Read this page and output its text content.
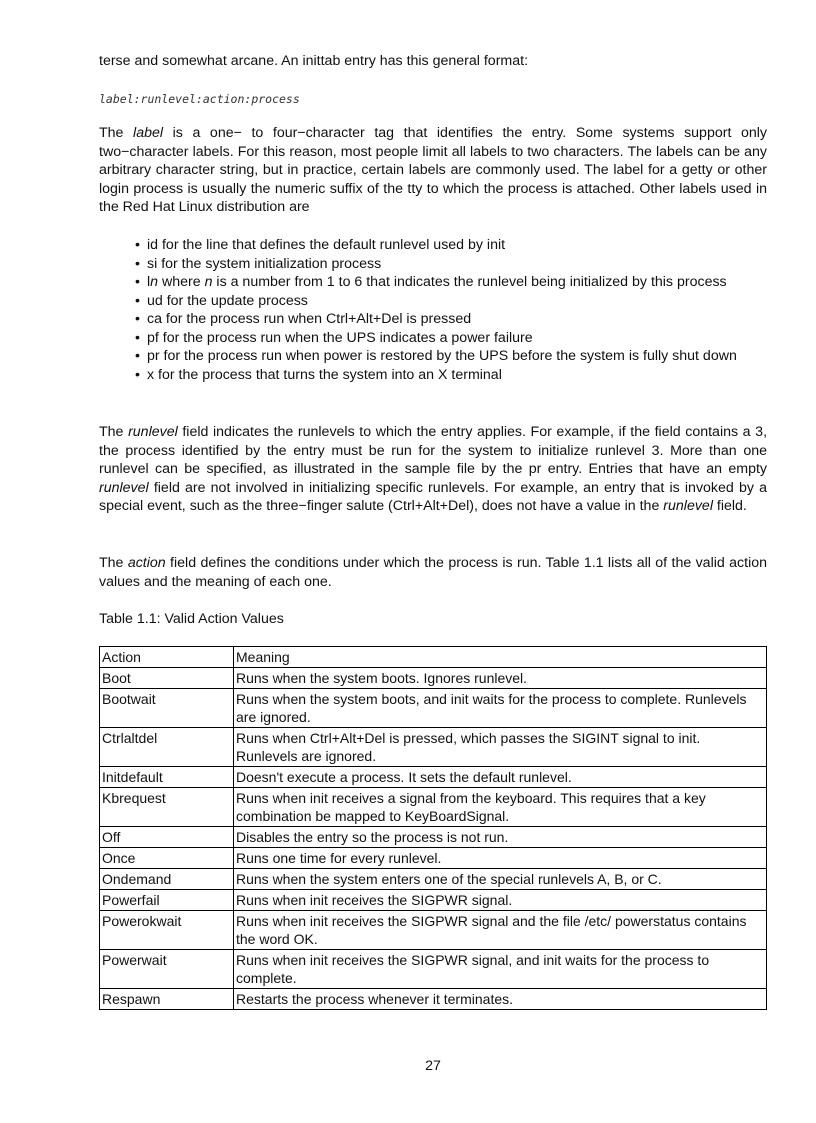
terse and somewhat arcane. An inittab entry has this general format:

label:runlevel:action:process

The label is a one− to four−character tag that identifies the entry. Some systems support only two−character labels. For this reason, most people limit all labels to two characters. The labels can be any arbitrary character string, but in practice, certain labels are commonly used. The label for a getty or other login process is usually the numeric suffix of the tty to which the process is attached. Other labels used in the Red Hat Linux distribution are

• id for the line that defines the default runlevel used by init
• si for the system initialization process
• ln where n is a number from 1 to 6 that indicates the runlevel being initialized by this process
• ud for the update process
• ca for the process run when Ctrl+Alt+Del is pressed
• pf for the process run when the UPS indicates a power failure
• pr for the process run when power is restored by the UPS before the system is fully shut down
• x for the process that turns the system into an X terminal

The runlevel field indicates the runlevels to which the entry applies. For example, if the field contains a 3, the process identified by the entry must be run for the system to initialize runlevel 3. More than one runlevel can be specified, as illustrated in the sample file by the pr entry. Entries that have an empty runlevel field are not involved in initializing specific runlevels. For example, an entry that is invoked by a special event, such as the three−finger salute (Ctrl+Alt+Del), does not have a value in the runlevel field.

The action field defines the conditions under which the process is run. Table 1.1 lists all of the valid action values and the meaning of each one.

Table 1.1: Valid Action Values

Action	Meaning
Boot	Runs when the system boots. Ignores runlevel.
Bootwait	Runs when the system boots, and init waits for the process to complete. Runlevels are ignored.
Ctrlaltdel	Runs when Ctrl+Alt+Del is pressed, which passes the SIGINT signal to init. Runlevels are ignored.
Initdefault	Doesn't execute a process. It sets the default runlevel.
Kbrequest	Runs when init receives a signal from the keyboard. This requires that a key combination be mapped to KeyBoardSignal.
Off	Disables the entry so the process is not run.
Once	Runs one time for every runlevel.
Ondemand	Runs when the system enters one of the special runlevels A, B, or C.
Powerfail	Runs when init receives the SIGPWR signal.
Powerokwait	Runs when init receives the SIGPWR signal and the file /etc/ powerstatus contains the word OK.
Powerwait	Runs when init receives the SIGPWR signal, and init waits for the process to complete.
Respawn	Restarts the process whenever it terminates.
27
